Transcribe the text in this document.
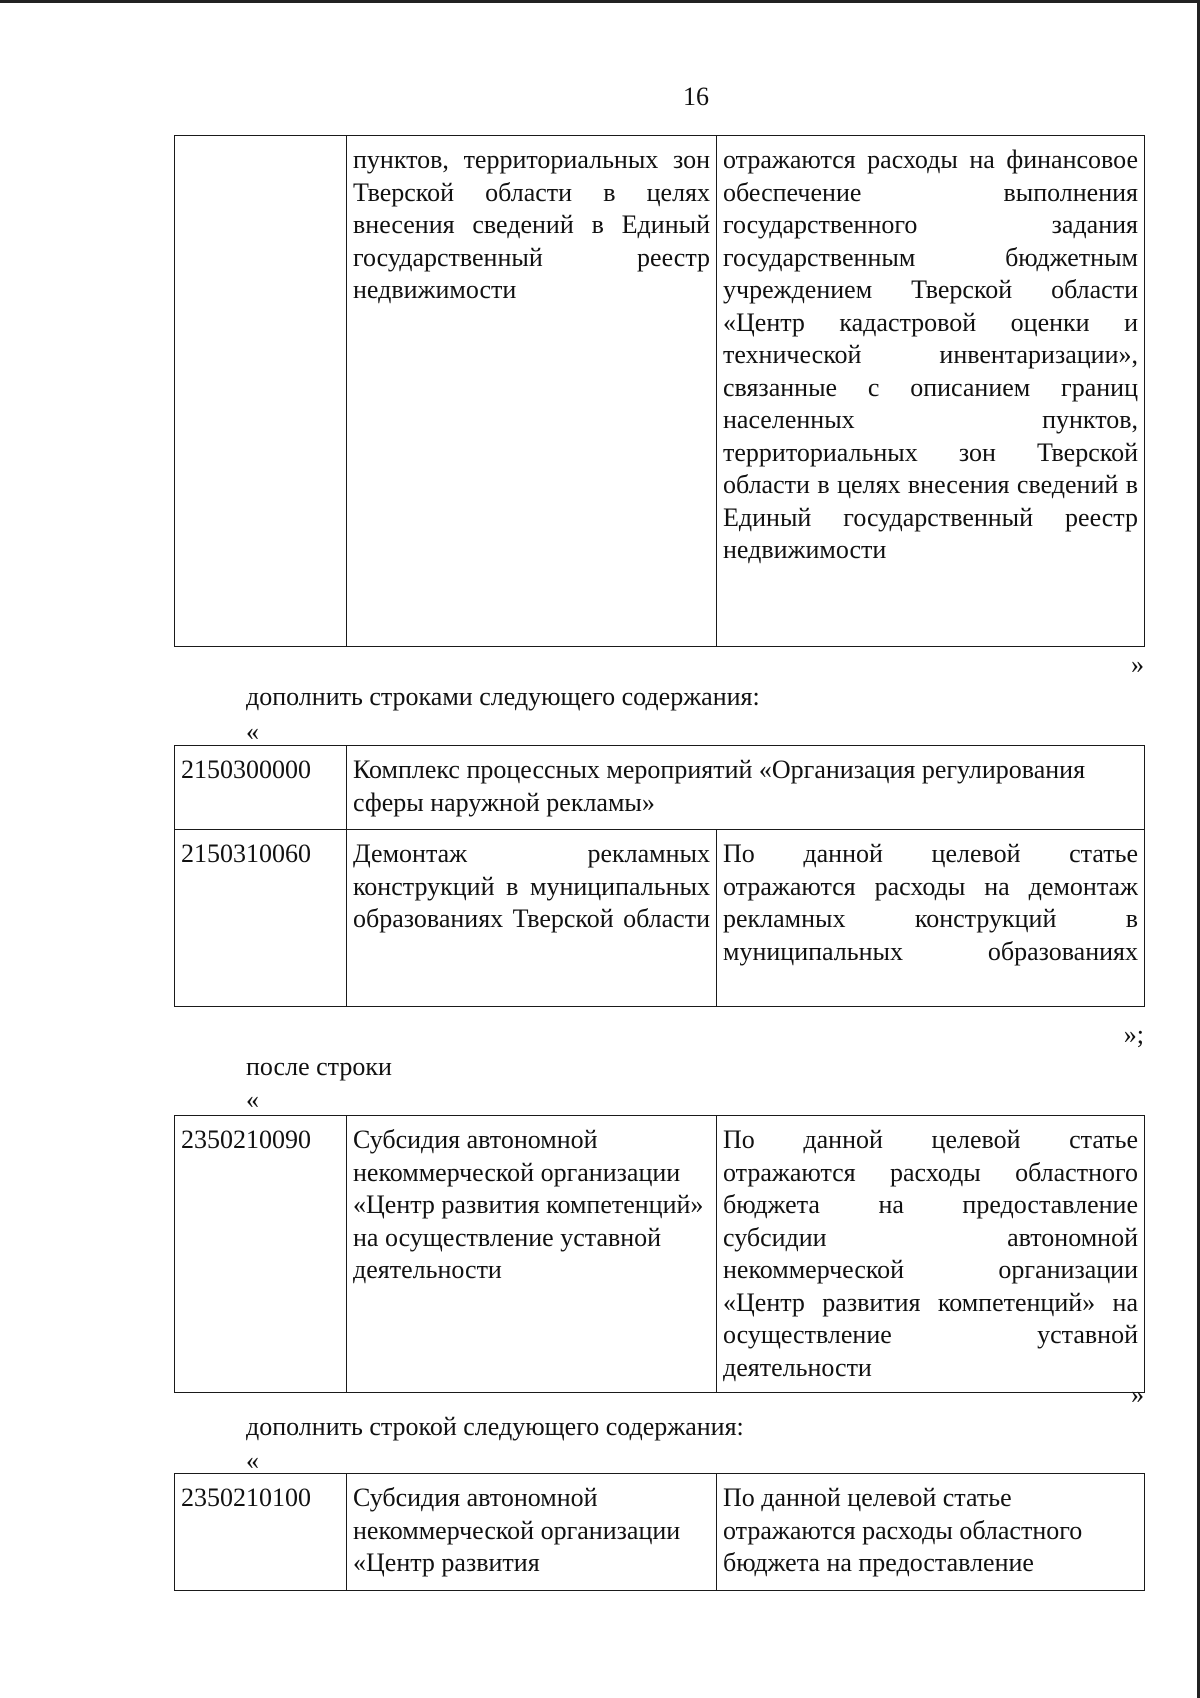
16
	пунктов, территориальных зон Тверской области в целях внесения сведений в Единый государственный реестр недвижимости	отражаются расходы на финансовое обеспечение выполнения государственного задания государственным бюджетным учреждением Тверской области «Центр кадастровой оценки и технической инвентаризации», связанные с описанием границ населенных пунктов, территориальных зон Тверской области в целях внесения сведений в Единый государственный реестр недвижимости
»
дополнить строками следующего содержания:
«
2150300000	Комплекс процессных мероприятий «Организация регулирования сферы наружной рекламы»	
2150310060	Демонтаж рекламных конструкций в муниципальных образованиях Тверской области	По данной целевой статье отражаются расходы на демонтаж рекламных конструкций в муниципальных образованиях
»;
после строки
«
2350210090	Субсидия автономной некоммерческой организации «Центр развития компетенций» на осуществление уставной деятельности	По данной целевой статье отражаются расходы областного бюджета на предоставление субсидии автономной некоммерческой организации «Центр развития компетенций» на осуществление уставной деятельности
»
дополнить строкой следующего содержания:
«
2350210100	Субсидия автономной некоммерческой организации «Центр развития	По данной целевой статье отражаются расходы областного бюджета на предоставление
